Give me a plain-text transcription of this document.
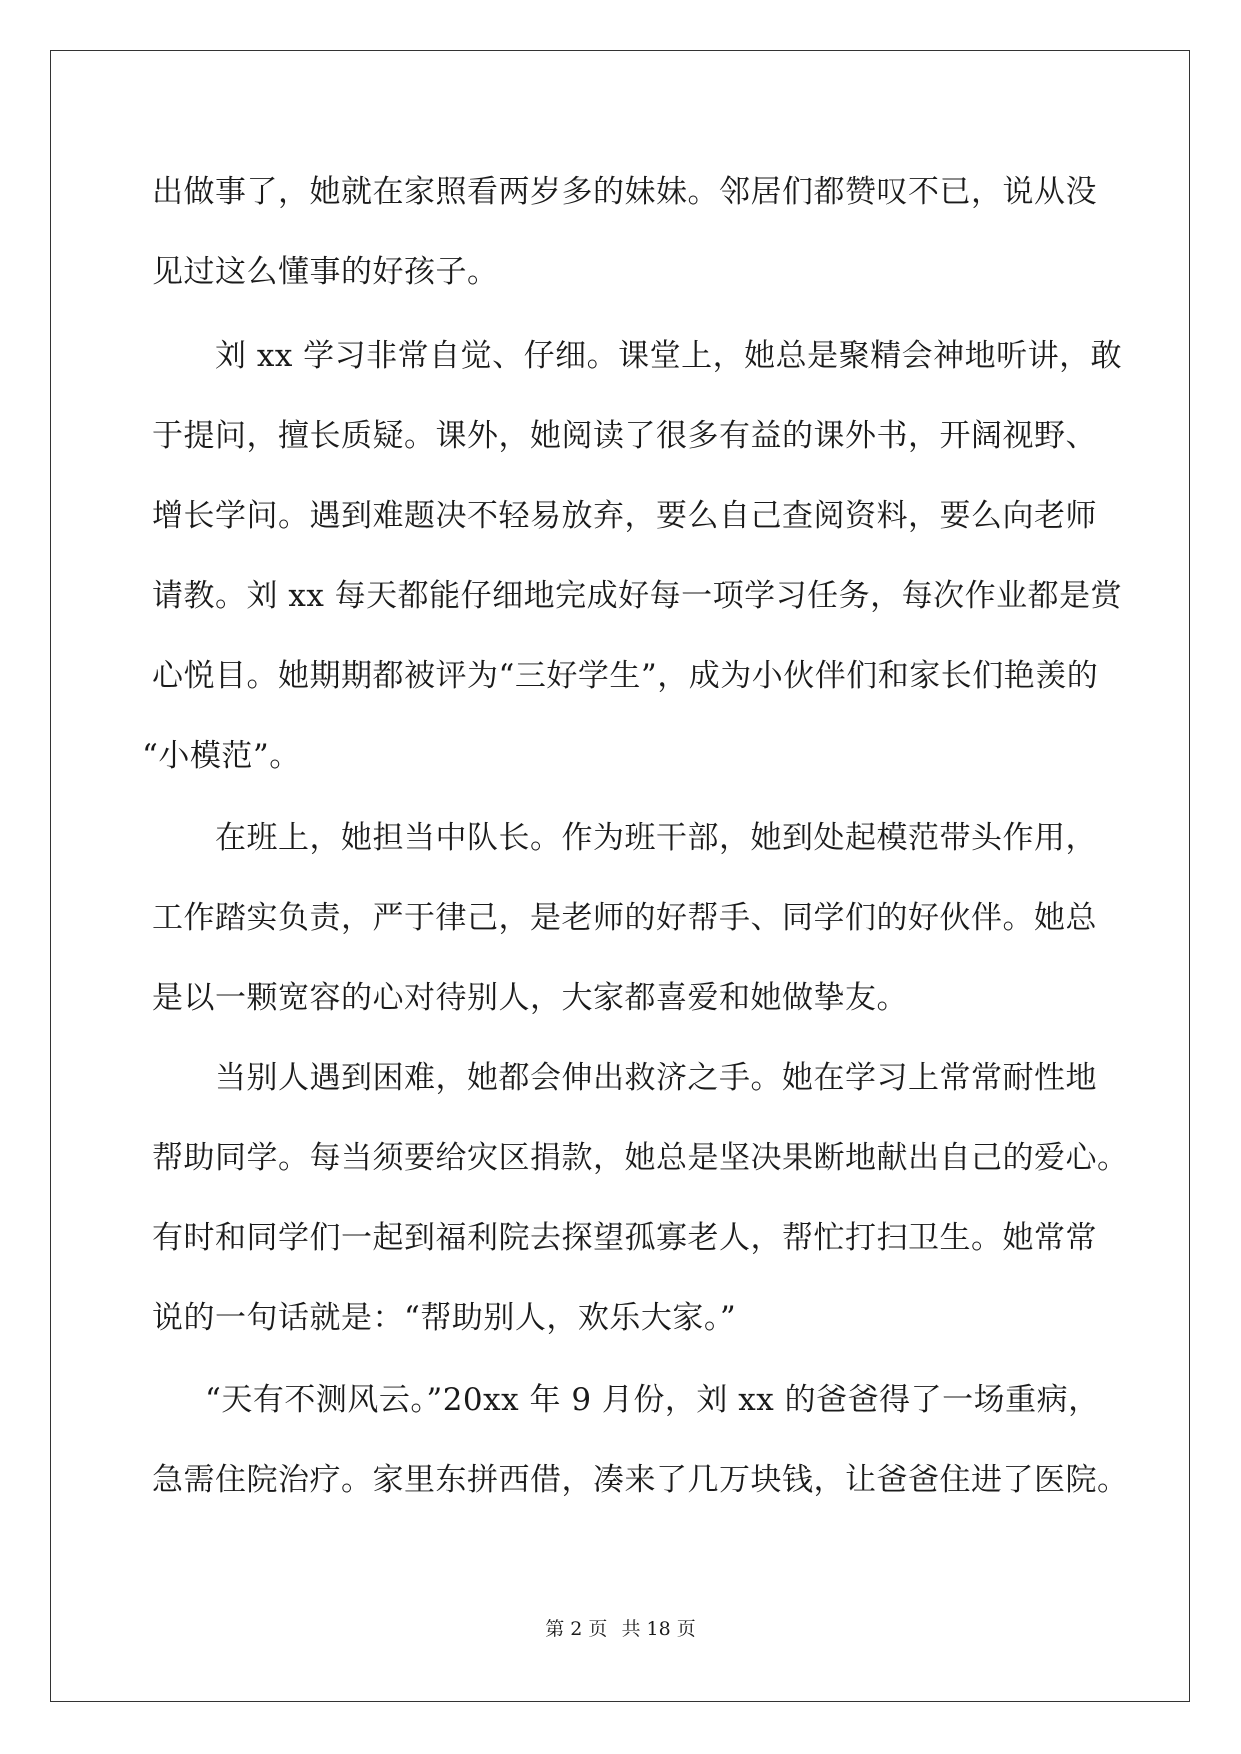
出做事了，她就在家照看两岁多的妹妹。邻居们都赞叹不已，说从没
见过这么懂事的好孩子。
刘 xx 学习非常自觉、仔细。课堂上，她总是聚精会神地听讲，敢
于提问，擅长质疑。课外，她阅读了很多有益的课外书，开阔视野、
增长学问。遇到难题决不轻易放弃，要么自己查阅资料，要么向老师
请教。刘 xx 每天都能仔细地完成好每一项学习任务，每次作业都是赏
心悦目。她期期都被评为“三好学生”，成为小伙伴们和家长们艳羡的
“小模范”。
在班上，她担当中队长。作为班干部，她到处起模范带头作用，
工作踏实负责，严于律己，是老师的好帮手、同学们的好伙伴。她总
是以一颗宽容的心对待别人，大家都喜爱和她做挚友。
当别人遇到困难，她都会伸出救济之手。她在学习上常常耐性地
帮助同学。每当须要给灾区捐款，她总是坚决果断地献出自己的爱心。
有时和同学们一起到福利院去探望孤寡老人，帮忙打扫卫生。她常常
说的一句话就是：“帮助别人，欢乐大家。”
“天有不测风云。”20xx 年 9 月份，刘 xx 的爸爸得了一场重病，
急需住院治疗。家里东拼西借，凑来了几万块钱，让爸爸住进了医院。
第 2 页 共 18 页
